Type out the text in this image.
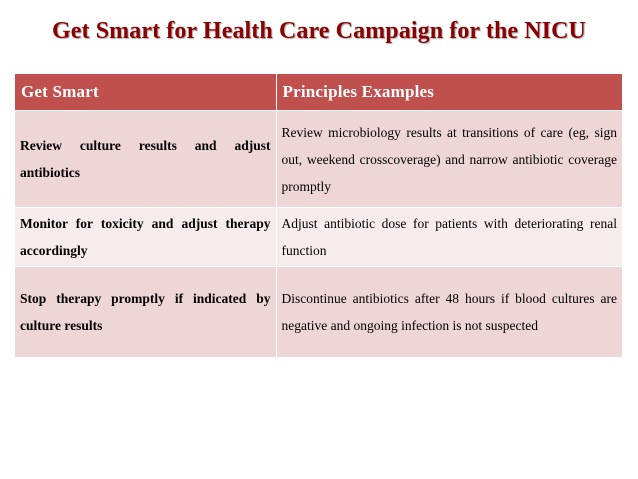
Get Smart for Health Care Campaign for the NICU
Get Smart	Principles Examples
Review culture results and adjust antibiotics	Review microbiology results at transitions of care (eg, sign out, weekend crosscoverage) and narrow antibiotic coverage promptly
Monitor for toxicity and adjust therapy accordingly	Adjust antibiotic dose for patients with deteriorating renal function
Stop therapy promptly if indicated by culture results	Discontinue antibiotics after 48 hours if blood cultures are negative and ongoing infection is not suspected
